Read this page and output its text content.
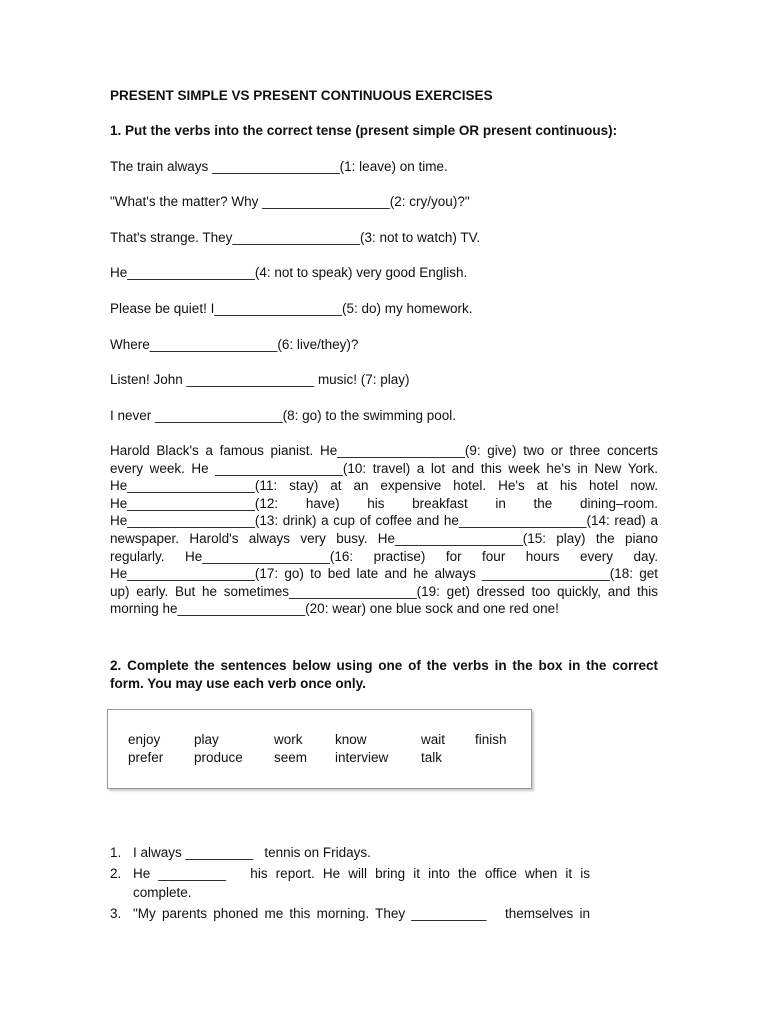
PRESENT SIMPLE VS PRESENT CONTINUOUS EXERCISES
1. Put the verbs into the correct tense (present simple OR present continuous):
The train always _________________(1: leave) on time.
"What's the matter? Why _________________(2: cry/you)?"
That's strange. They_________________(3: not to watch) TV.
He_________________(4: not to speak) very good English.
Please be quiet! I_________________(5: do) my homework.
Where_________________(6: live/they)?
Listen! John _________________ music! (7: play)
I never _________________(8: go) to the swimming pool.
Harold Black's a famous pianist. He_________________(9: give) two or three concerts
every week. He _________________(10: travel) a lot and this week he's in New York.
He_________________(11: stay) at an expensive hotel. He's at his hotel now.
He_________________(12: have) his breakfast in the dining–room.
He_________________(13: drink) a cup of coffee and he_________________(14: read) a
newspaper. Harold's always very busy. He_________________(15: play) the piano
regularly. He_________________(16: practise) for four hours every day.
He_________________(17: go) to bed late and he always _________________(18: get
up) early. But he sometimes_________________(19: get) dressed too quickly, and this
morning he_________________(20: wear) one blue sock and one red one!
2. Complete the sentences below using one of the verbs in the box in the correct
form. You may use each verb once only.
enjoy play	work know	wait finish
prefer produce seem interview talk
1. I always _________   tennis on Fridays.
2. He _________   his report. He will bring it into the office when it is
complete.
3. "My parents phoned me this morning. They __________   themselves in
